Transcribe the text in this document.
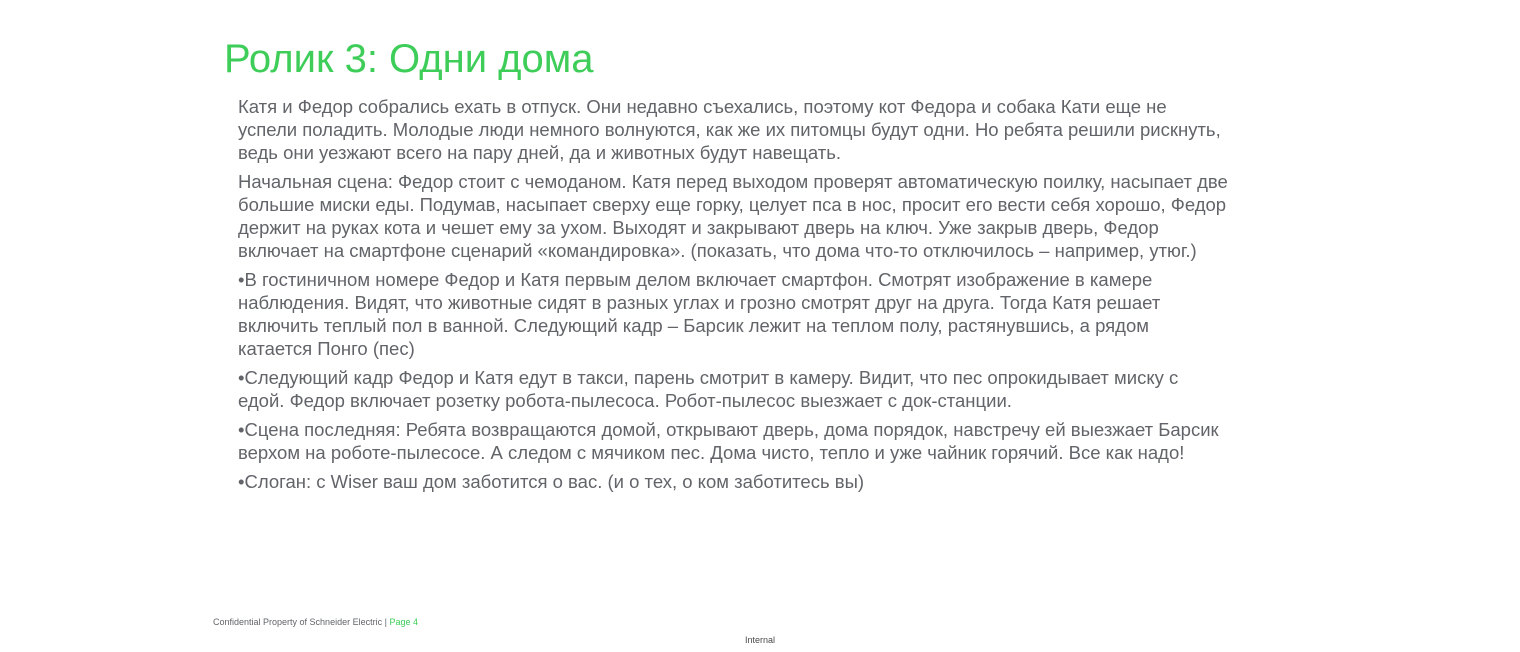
Ролик 3: Одни дома

Катя и Федор собрались ехать в отпуск. Они недавно съехались, поэтому кот Федора и собака Кати еще не успели поладить. Молодые люди немного волнуются, как же их питомцы будут одни. Но ребята решили рискнуть, ведь они уезжают всего на пару дней, да и животных будут навещать.

Начальная сцена: Федор стоит с чемоданом. Катя перед выходом проверят автоматическую поилку, насыпает две большие миски еды. Подумав, насыпает сверху еще горку, целует пса в нос, просит его вести себя хорошо, Федор держит на руках кота и чешет ему за ухом. Выходят и закрывают дверь на ключ. Уже закрыв дверь, Федор включает на смартфоне сценарий «командировка». (показать, что дома что-то отключилось – например, утюг.)

•В гостиничном номере Федор и Катя первым делом включает смартфон. Смотрят изображение в камере наблюдения. Видят, что животные сидят в разных углах и грозно смотрят друг на друга. Тогда Катя решает включить теплый пол в ванной. Следующий кадр – Барсик лежит на теплом полу, растянувшись, а рядом катается Понго (пес)

•Следующий кадр Федор и Катя едут в такси, парень смотрит в камеру. Видит, что пес опрокидывает миску с едой. Федор включает розетку робота-пылесоса. Робот-пылесос выезжает с док-станции.

•Сцена последняя: Ребята возвращаются домой, открывают дверь, дома порядок, навстречу ей выезжает Барсик верхом на роботе-пылесосе. А следом с мячиком пес. Дома чисто, тепло и уже чайник горячий. Все как надо!

•Слоган: с Wiser ваш дом заботится о вас. (и о тех, о ком заботитесь вы)

Confidential Property of Schneider Electric | Page 4
Internal
